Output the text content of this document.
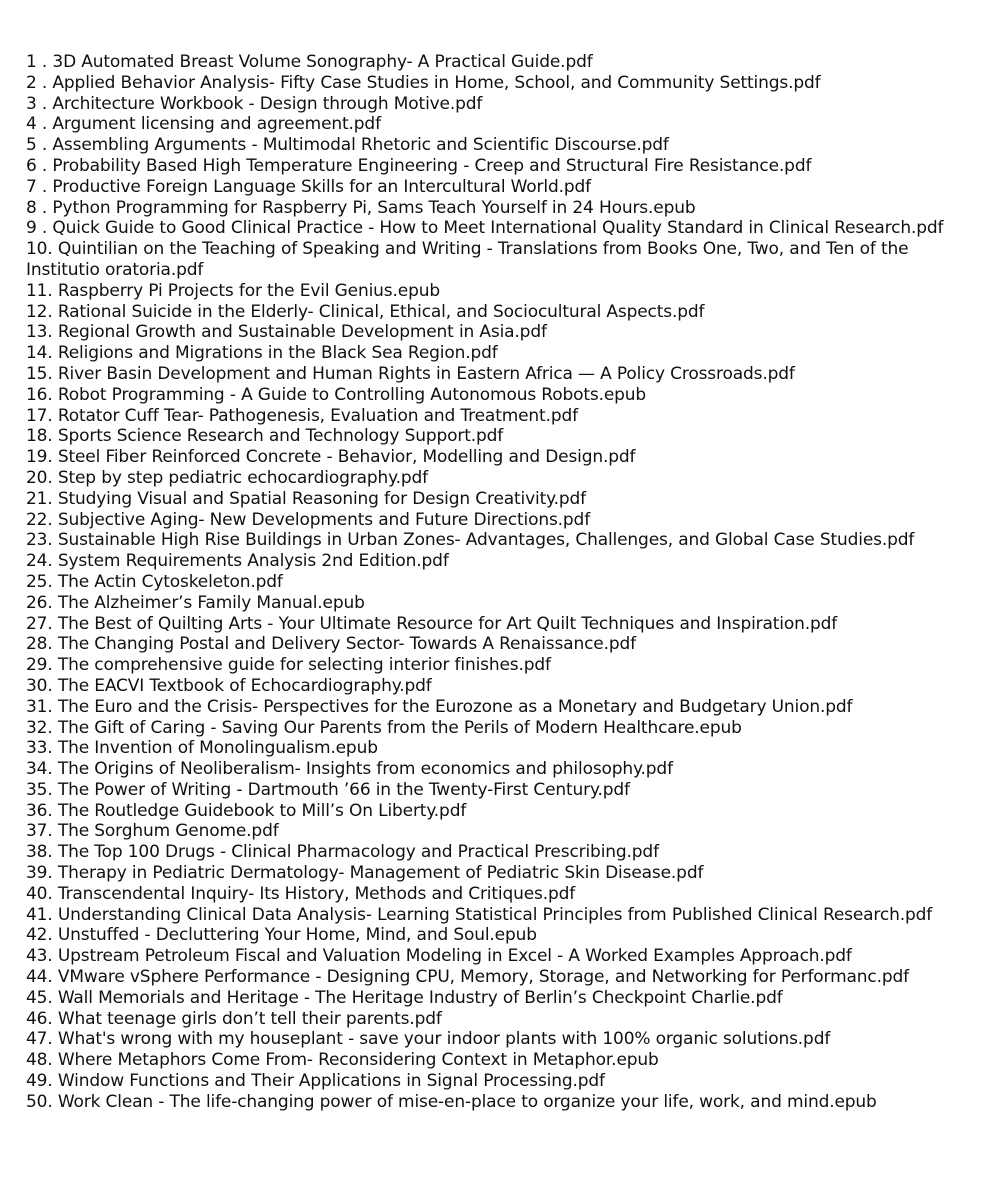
1 . 3D Automated Breast Volume Sonography- A Practical Guide.pdf
2 . Applied Behavior Analysis- Fifty Case Studies in Home, School, and Community Settings.pdf
3 . Architecture Workbook - Design through Motive.pdf
4 . Argument licensing and agreement.pdf
5 . Assembling Arguments - Multimodal Rhetoric and Scientific Discourse.pdf
6 . Probability Based High Temperature Engineering - Creep and Structural Fire Resistance.pdf
7 . Productive Foreign Language Skills for an Intercultural World.pdf
8 . Python Programming for Raspberry Pi, Sams Teach Yourself in 24 Hours.epub
9 . Quick Guide to Good Clinical Practice - How to Meet International Quality Standard in Clinical Research.pdf
10. Quintilian on the Teaching of Speaking and Writing - Translations from Books One, Two, and Ten of the Institutio oratoria.pdf
11. Raspberry Pi Projects for the Evil Genius.epub
12. Rational Suicide in the Elderly- Clinical, Ethical, and Sociocultural Aspects.pdf
13. Regional Growth and Sustainable Development in Asia.pdf
14. Religions and Migrations in the Black Sea Region.pdf
15. River Basin Development and Human Rights in Eastern Africa — A Policy Crossroads.pdf
16. Robot Programming - A Guide to Controlling Autonomous Robots.epub
17. Rotator Cuff Tear- Pathogenesis, Evaluation and Treatment.pdf
18. Sports Science Research and Technology Support.pdf
19. Steel Fiber Reinforced Concrete - Behavior, Modelling and Design.pdf
20. Step by step pediatric echocardiography.pdf
21. Studying Visual and Spatial Reasoning for Design Creativity.pdf
22. Subjective Aging- New Developments and Future Directions.pdf
23. Sustainable High Rise Buildings in Urban Zones- Advantages, Challenges, and Global Case Studies.pdf
24. System Requirements Analysis 2nd Edition.pdf
25. The Actin Cytoskeleton.pdf
26. The Alzheimer’s Family Manual.epub
27. The Best of Quilting Arts - Your Ultimate Resource for Art Quilt Techniques and Inspiration.pdf
28. The Changing Postal and Delivery Sector- Towards A Renaissance.pdf
29. The comprehensive guide for selecting interior finishes.pdf
30. The EACVI Textbook of Echocardiography.pdf
31. The Euro and the Crisis- Perspectives for the Eurozone as a Monetary and Budgetary Union.pdf
32. The Gift of Caring - Saving Our Parents from the Perils of Modern Healthcare.epub
33. The Invention of Monolingualism.epub
34. The Origins of Neoliberalism- Insights from economics and philosophy.pdf
35. The Power of Writing - Dartmouth ’66 in the Twenty-First Century.pdf
36. The Routledge Guidebook to Mill’s On Liberty.pdf
37. The Sorghum Genome.pdf
38. The Top 100 Drugs - Clinical Pharmacology and Practical Prescribing.pdf
39. Therapy in Pediatric Dermatology- Management of Pediatric Skin Disease.pdf
40. Transcendental Inquiry- Its History, Methods and Critiques.pdf
41. Understanding Clinical Data Analysis- Learning Statistical Principles from Published Clinical Research.pdf
42. Unstuffed - Decluttering Your Home, Mind, and Soul.epub
43. Upstream Petroleum Fiscal and Valuation Modeling in Excel - A Worked Examples Approach.pdf
44. VMware vSphere Performance - Designing CPU, Memory, Storage, and Networking for Performanc.pdf
45. Wall Memorials and Heritage - The Heritage Industry of Berlin’s Checkpoint Charlie.pdf
46. What teenage girls don’t tell their parents.pdf
47. What's wrong with my houseplant - save your indoor plants with 100% organic solutions.pdf
48. Where Metaphors Come From- Reconsidering Context in Metaphor.epub
49. Window Functions and Their Applications in Signal Processing.pdf
50. Work Clean - The life-changing power of mise-en-place to organize your life, work, and mind.epub
